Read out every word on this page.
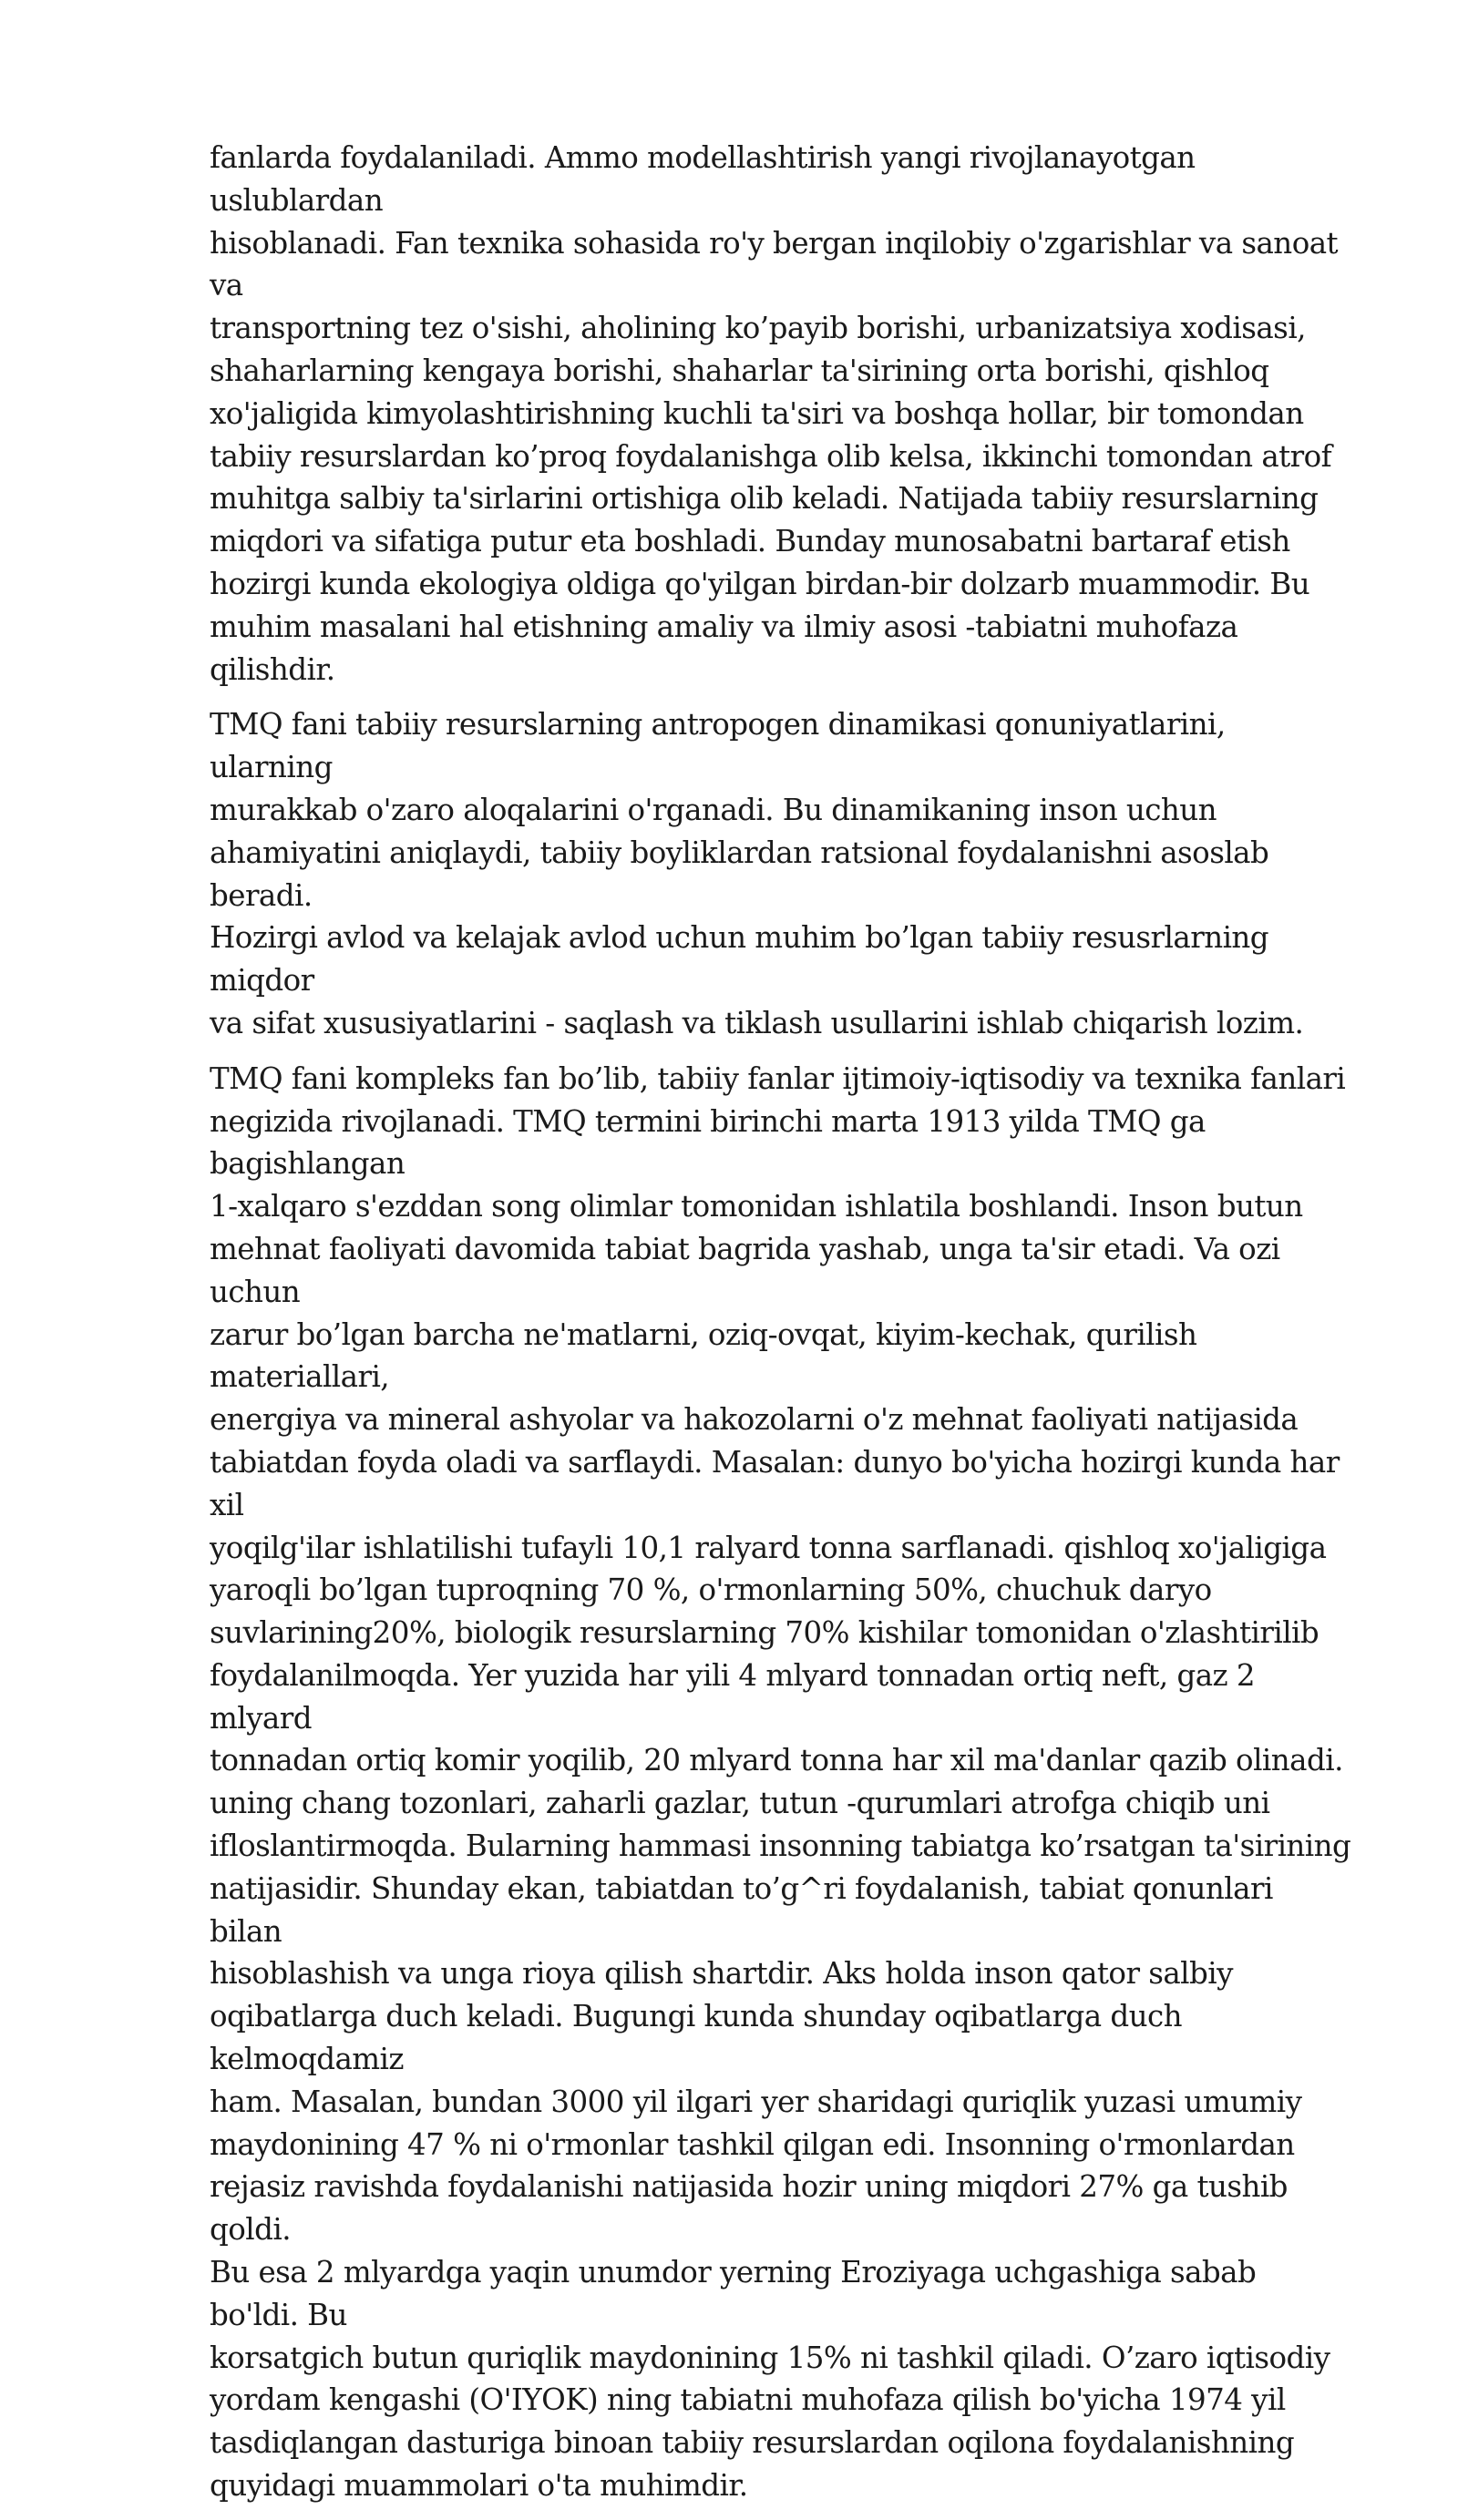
fanlarda foydalaniladi. Ammo modellashtirish yangi rivojlanayotgan uslublardan
hisoblanadi. Fan texnika sohasida ro'y bergan inqilobiy o'zgarishlar va sanoat va
transportning tez o'sishi, aholining ko’payib borishi, urbanizatsiya xodisasi,
shaharlarning kengaya borishi, shaharlar ta'sirining orta borishi, qishloq
xo'jaligida kimyolashtirishning kuchli ta'siri va boshqa hollar, bir tomondan
tabiiy resurslardan ko’proq foydalanishga olib kelsa, ikkinchi tomondan atrof
muhitga salbiy ta'sirlarini ortishiga olib keladi. Natijada tabiiy resurslarning
miqdori va sifatiga putur eta boshladi. Bunday munosabatni bartaraf etish
hozirgi kunda ekologiya oldiga qo'yilgan birdan-bir dolzarb muammodir. Bu
muhim masalani hal etishning amaliy va ilmiy asosi -tabiatni muhofaza qilishdir.

TMQ fani tabiiy resurslarning antropogen dinamikasi qonuniyatlarini, ularning
murakkab o'zaro aloqalarini o'rganadi. Bu dinamikaning inson uchun
ahamiyatini aniqlaydi, tabiiy boyliklardan ratsional foydalanishni asoslab beradi.
Hozirgi avlod va kelajak avlod uchun muhim bo’lgan tabiiy resusrlarning miqdor
va sifat xususiyatlarini - saqlash va tiklash usullarini ishlab chiqarish lozim.

TMQ fani kompleks fan bo’lib, tabiiy fanlar ijtimoiy-iqtisodiy va texnika fanlari
negizida rivojlanadi. TMQ termini birinchi marta 1913 yilda TMQ ga bagishlangan
1-xalqaro s'ezddan song olimlar tomonidan ishlatila boshlandi. Inson butun
mehnat faoliyati davomida tabiat bagrida yashab, unga ta'sir etadi. Va ozi uchun
zarur bo’lgan barcha ne'matlarni, oziq-ovqat, kiyim-kechak, qurilish materiallari,
energiya va mineral ashyolar va hakozolarni o'z mehnat faoliyati natijasida
tabiatdan foyda oladi va sarflaydi. Masalan: dunyo bo'yicha hozirgi kunda har xil
yoqilg'ilar ishlatilishi tufayli 10,1 ralyard tonna sarflanadi. qishloq xo'jaligiga
yaroqli bo’lgan tuproqning 70 %, o'rmonlarning 50%, chuchuk daryo
suvlarining20%, biologik resurslarning 70% kishilar tomonidan o'zlashtirilib
foydalanilmoqda. Yer yuzida har yili 4 mlyard tonnadan ortiq neft, gaz 2 mlyard
tonnadan ortiq komir yoqilib, 20 mlyard tonna har xil ma'danlar qazib olinadi.
uning chang tozonlari, zaharli gazlar, tutun -qurumlari atrofga chiqib uni
ifloslantirmoqda. Bularning hammasi insonning tabiatga ko’rsatgan ta'sirining
natijasidir. Shunday ekan, tabiatdan to’g^ri foydalanish, tabiat qonunlari bilan
hisoblashish va unga rioya qilish shartdir. Aks holda inson qator salbiy
oqibatlarga duch keladi. Bugungi kunda shunday oqibatlarga duch kelmoqdamiz
ham. Masalan, bundan 3000 yil ilgari yer sharidagi quriqlik yuzasi umumiy
maydonining 47 % ni o'rmonlar tashkil qilgan edi. Insonning o'rmonlardan
rejasiz ravishda foydalanishi natijasida hozir uning miqdori 27% ga tushib qoldi.
Bu esa 2 mlyardga yaqin unumdor yerning Eroziyaga uchgashiga sabab bo'ldi. Bu
korsatgich butun quriqlik maydonining 15% ni tashkil qiladi. O’zaro iqtisodiy
yordam kengashi (O'IYOK) ning tabiatni muhofaza qilish bo'yicha 1974 yil
tasdiqlangan dasturiga binoan tabiiy resurslardan oqilona foydalanishning
quyidagi muammolari o'ta muhimdir.
